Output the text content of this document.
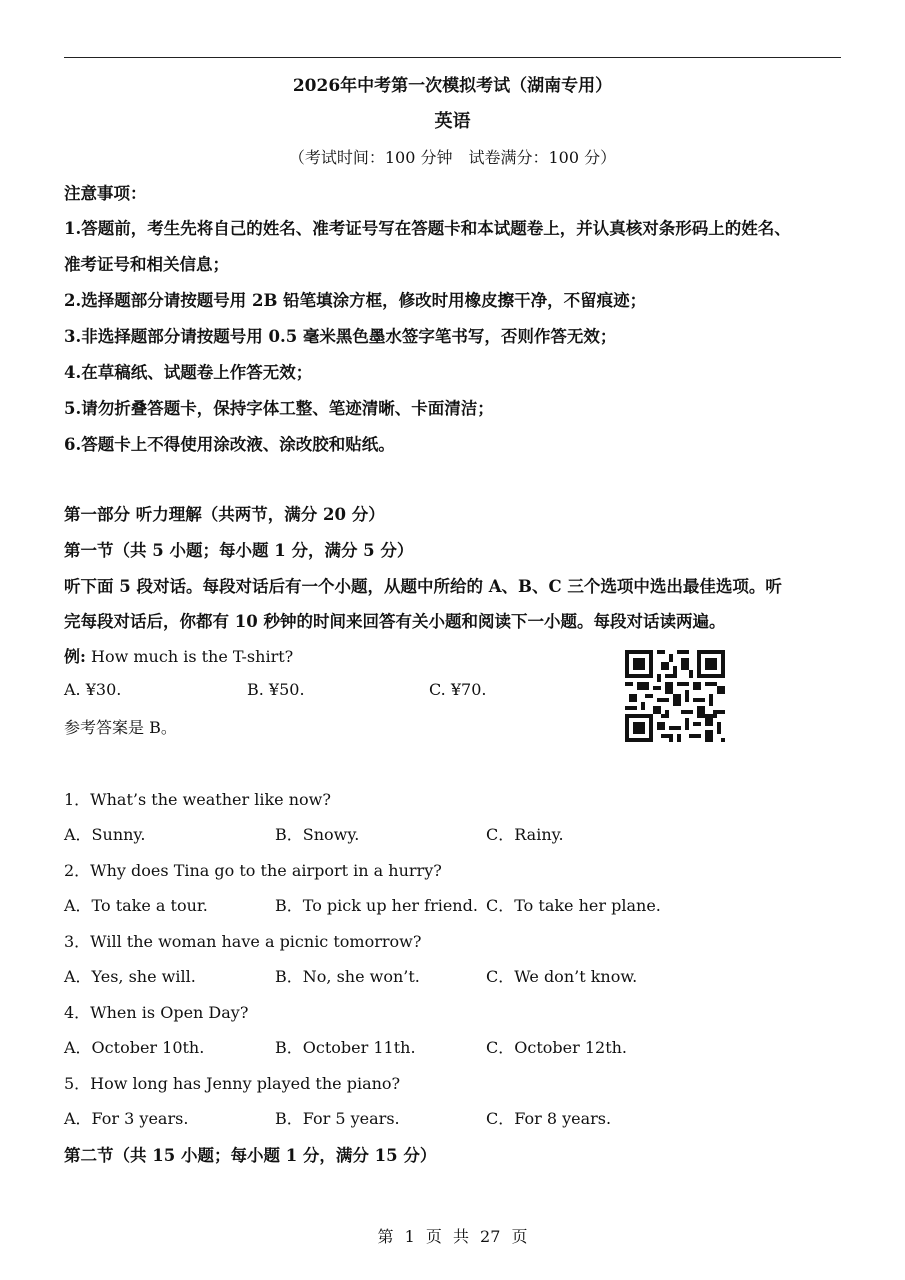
2026年中考第一次模拟考试（湖南专用）
英语
（考试时间：100 分钟　试卷满分：100 分）
注意事项：
1.答题前，考生先将自己的姓名、准考证号写在答题卡和本试题卷上，并认真核对条形码上的姓名、
准考证号和相关信息；
2.选择题部分请按题号用 2B 铅笔填涂方框，修改时用橡皮擦干净，不留痕迹；
3.非选择题部分请按题号用 0.5 毫米黑色墨水签字笔书写，否则作答无效；
4.在草稿纸、试题卷上作答无效；
5.请勿折叠答题卡，保持字体工整、笔迹清晰、卡面清洁；
6.答题卡上不得使用涂改液、涂改胶和贴纸。
第一部分 听力理解（共两节，满分 20 分）
第一节（共 5 小题；每小题 1 分，满分 5 分）
听下面 5 段对话。每段对话后有一个小题，从题中所给的 A、B、C 三个选项中选出最佳选项。听
完每段对话后，你都有 10 秒钟的时间来回答有关小题和阅读下一小题。每段对话读两遍。
例: How much is the T-shirt?
A. ¥30.	B. ¥50.	C. ¥70.
参考答案是 B。
1．What’s the weather like now?
A．Sunny.	B．Snowy.	C．Rainy.
2．Why does Tina go to the airport in a hurry?
A．To take a tour.	B．To pick up her friend. C．To take her plane.
3．Will the woman have a picnic tomorrow?
A．Yes, she will.	B．No, she won’t.	C．We don’t know.
4．When is Open Day?
A．October 10th.	B．October 11th.	C．October 12th.
5．How long has Jenny played the piano?
A．For 3 years.	B．For 5 years.	C．For 8 years.
第二节（共 15 小题；每小题 1 分，满分 15 分）
第 1 页 共 27 页
